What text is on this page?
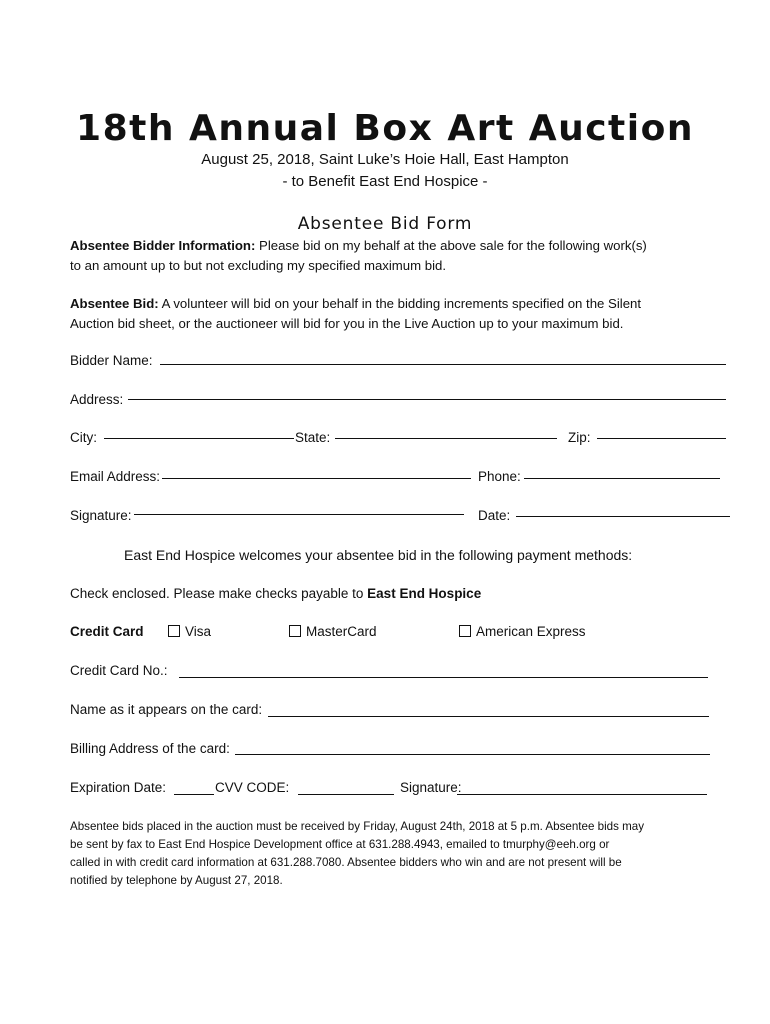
18th Annual Box Art Auction
August 25, 2018, Saint Luke’s Hoie Hall, East Hampton
- to Benefit East End Hospice -
Absentee Bid Form
Absentee Bidder Information: Please bid on my behalf at the above sale for the following work(s)
to an amount up to but not excluding my specified maximum bid.
Absentee Bid: A volunteer will bid on your behalf in the bidding increments specified on the Silent
Auction bid sheet, or the auctioneer will bid for you in the Live Auction up to your maximum bid.
Bidder Name:
Address:
City:	State:	Zip:
Email Address:	Phone:
Signature:	Date:
East End Hospice welcomes your absentee bid in the following payment methods:
Check enclosed. Please make checks payable to East End Hospice
Credit Card	Visa	MasterCard	American Express
Credit Card No.:
Name as it appears on the card:
Billing Address of the card:
Expiration Date:	CVV CODE:	Signature:
Absentee bids placed in the auction must be received by Friday, August 24th, 2018 at 5 p.m. Absentee bids may
be sent by fax to East End Hospice Development office at 631.288.4943, emailed to tmurphy@eeh.org or
called in with credit card information at 631.288.7080. Absentee bidders who win and are not present will be
notified by telephone by August 27, 2018.
